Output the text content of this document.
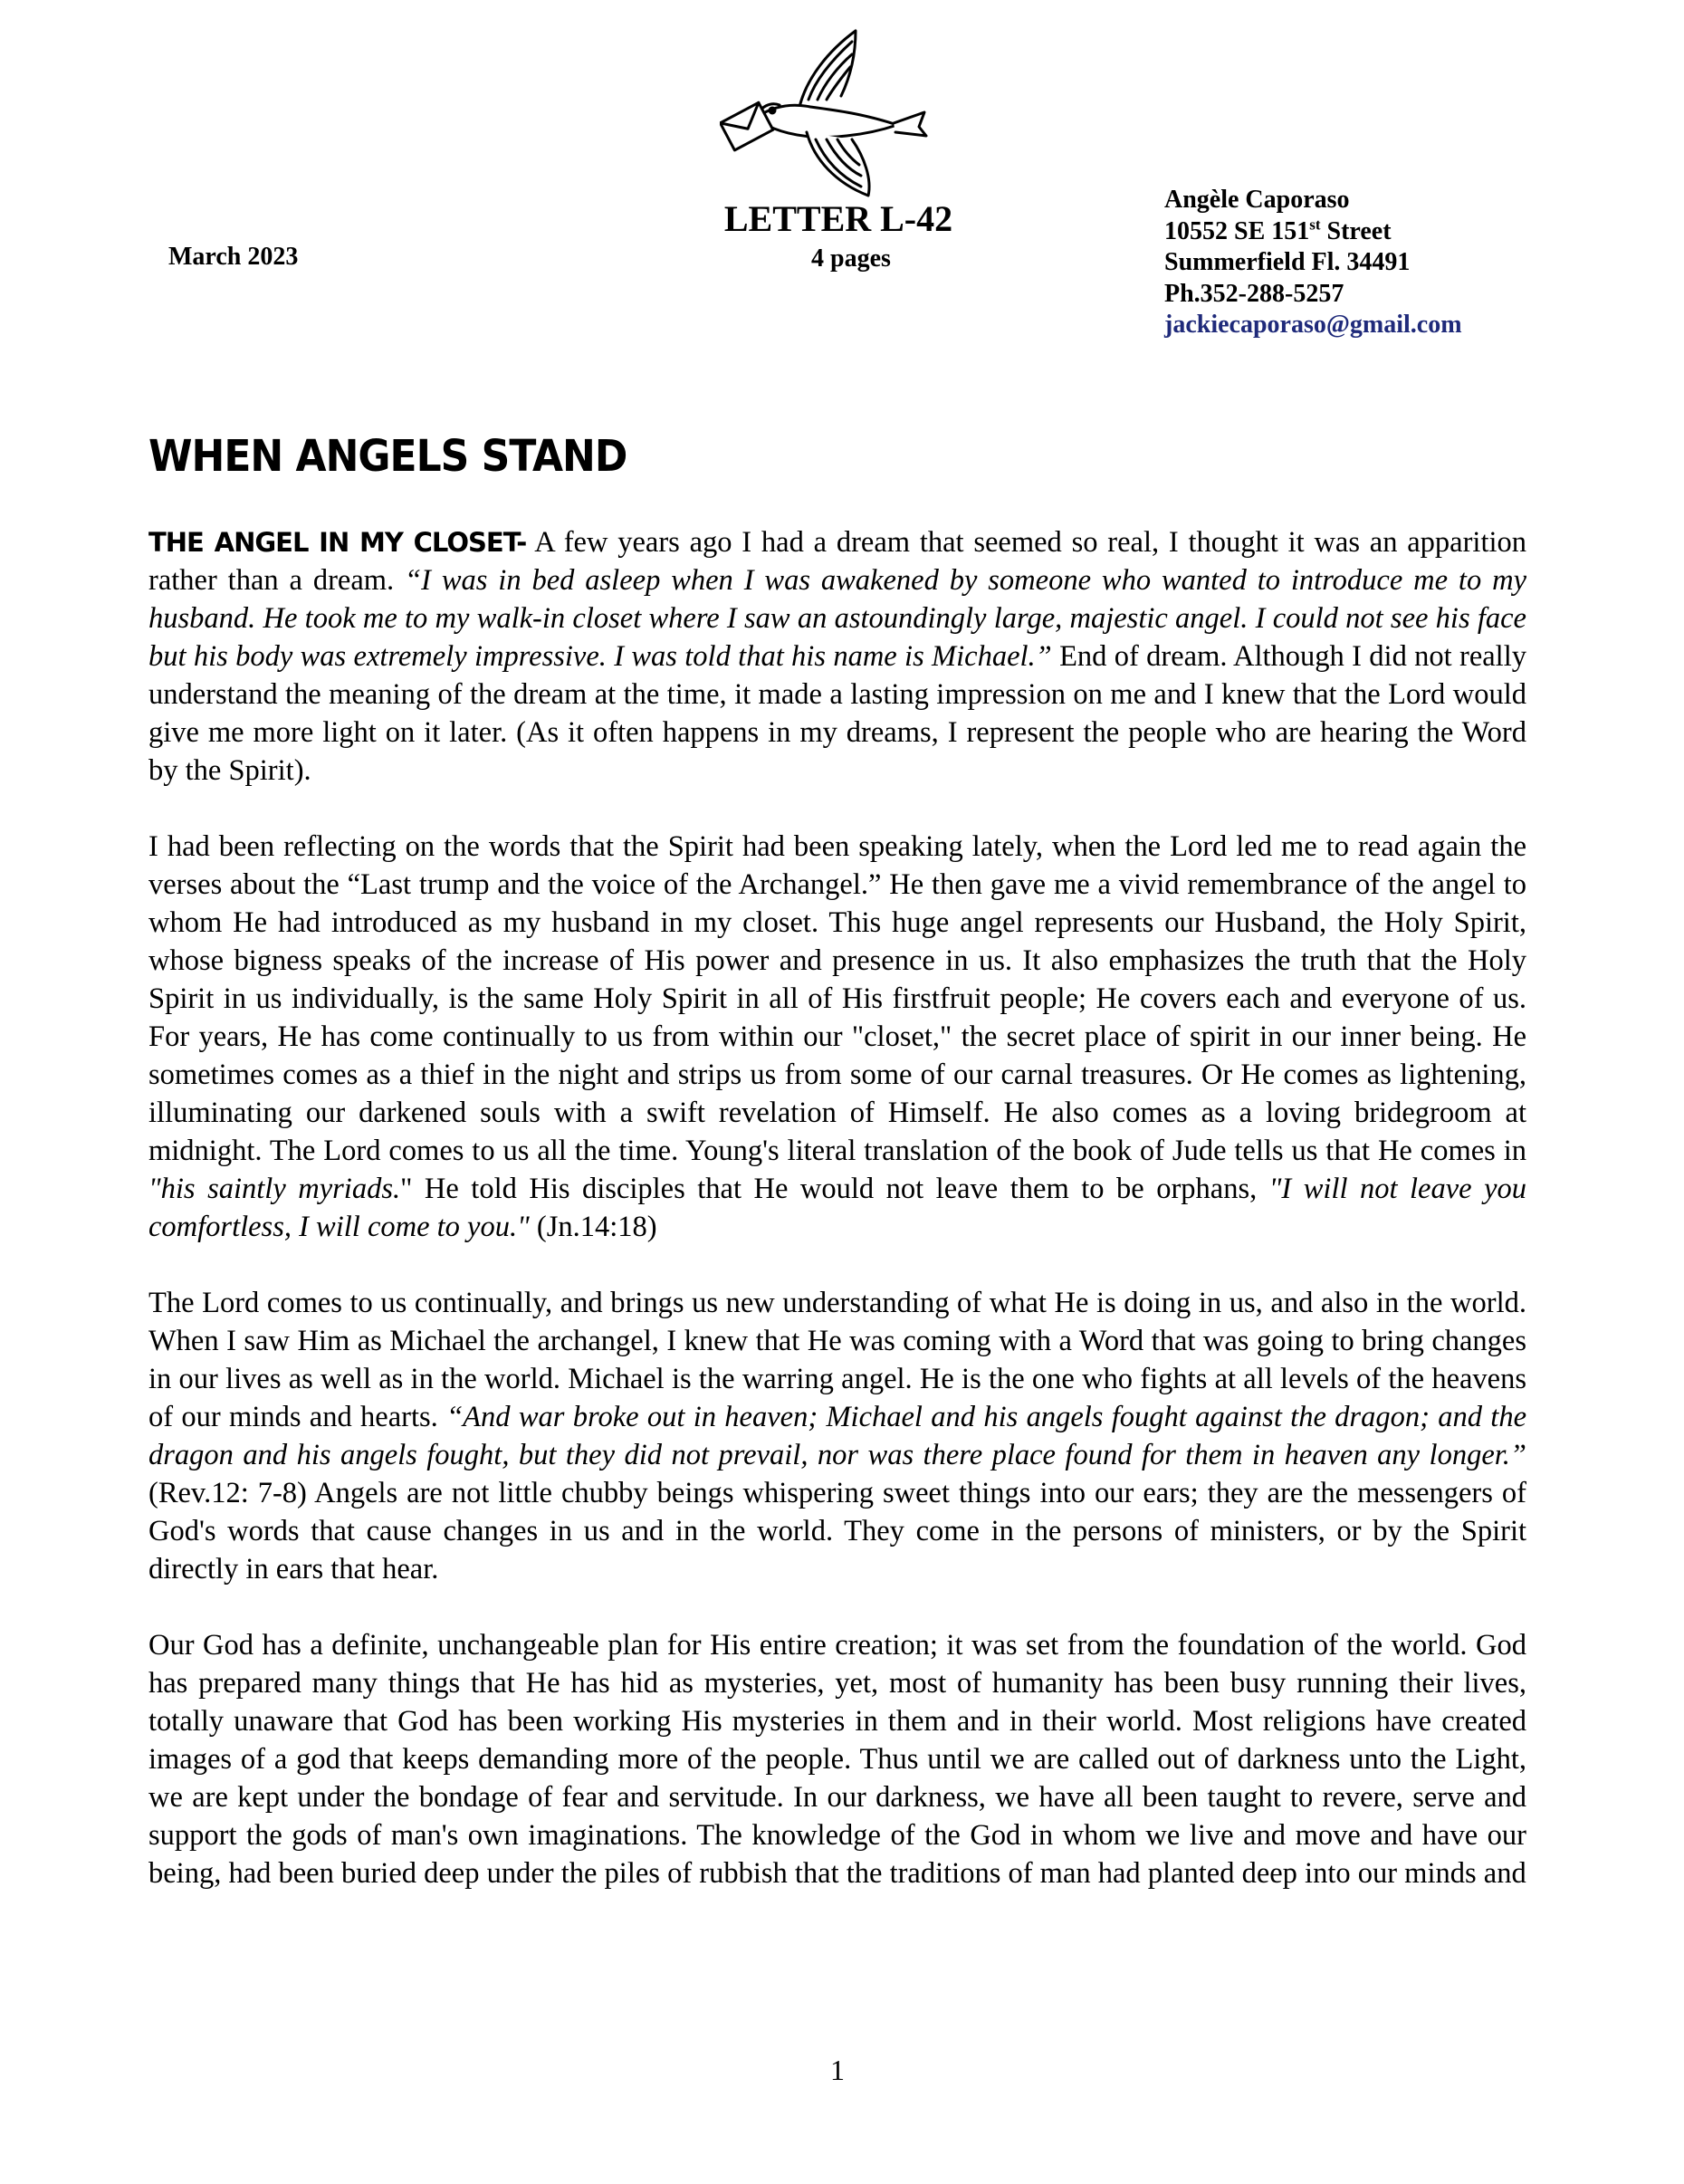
March 2023
LETTER L-42
4 pages
Angèle Caporaso
10552 SE 151st Street
Summerfield Fl. 34491
Ph.352-288-5257
jackiecaporaso@gmail.com
WHEN ANGELS STAND

THE ANGEL IN MY CLOSET- A few years ago I had a dream that seemed so real, I thought it was an apparition rather than a dream. “I was in bed asleep when I was awakened by someone who wanted to introduce me to my husband. He took me to my walk-in closet where I saw an astoundingly large, majestic angel. I could not see his face but his body was extremely impressive. I was told that his name is Michael.” End of dream. Although I did not really understand the meaning of the dream at the time, it made a lasting impression on me and I knew that the Lord would give me more light on it later. (As it often happens in my dreams, I represent the people who are hearing the Word by the Spirit).

I had been reflecting on the words that the Spirit had been speaking lately, when the Lord led me to read again the verses about the “Last trump and the voice of the Archangel.” He then gave me a vivid remembrance of the angel to whom He had introduced as my husband in my closet. This huge angel represents our Husband, the Holy Spirit, whose bigness speaks of the increase of His power and presence in us. It also emphasizes the truth that the Holy Spirit in us individually, is the same Holy Spirit in all of His firstfruit people; He covers each and everyone of us. For years, He has come continually to us from within our "closet," the secret place of spirit in our inner being. He sometimes comes as a thief in the night and strips us from some of our carnal treasures. Or He comes as lightening, illuminating our darkened souls with a swift revelation of Himself. He also comes as a loving bridegroom at midnight. The Lord comes to us all the time. Young's literal translation of the book of Jude tells us that He comes in "his saintly myriads." He told His disciples that He would not leave them to be orphans, "I will not leave you comfortless, I will come to you." (Jn.14:18)

The Lord comes to us continually, and brings us new understanding of what He is doing in us, and also in the world. When I saw Him as Michael the archangel, I knew that He was coming with a Word that was going to bring changes in our lives as well as in the world. Michael is the warring angel. He is the one who fights at all levels of the heavens of our minds and hearts. “And war broke out in heaven; Michael and his angels fought against the dragon; and the dragon and his angels fought, but they did not prevail, nor was there place found for them in heaven any longer.” (Rev.12: 7-8) Angels are not little chubby beings whispering sweet things into our ears; they are the messengers of God's words that cause changes in us and in the world. They come in the persons of ministers, or by the Spirit directly in ears that hear.

Our God has a definite, unchangeable plan for His entire creation; it was set from the foundation of the world. God has prepared many things that He has hid as mysteries, yet, most of humanity has been busy running their lives, totally unaware that God has been working His mysteries in them and in their world. Most religions have created images of a god that keeps demanding more of the people. Thus until we are called out of darkness unto the Light, we are kept under the bondage of fear and servitude. In our darkness, we have all been taught to revere, serve and support the gods of man's own imaginations. The knowledge of the God in whom we live and move and have our being, had been buried deep under the piles of rubbish that the traditions of man had planted deep into our minds and

1
